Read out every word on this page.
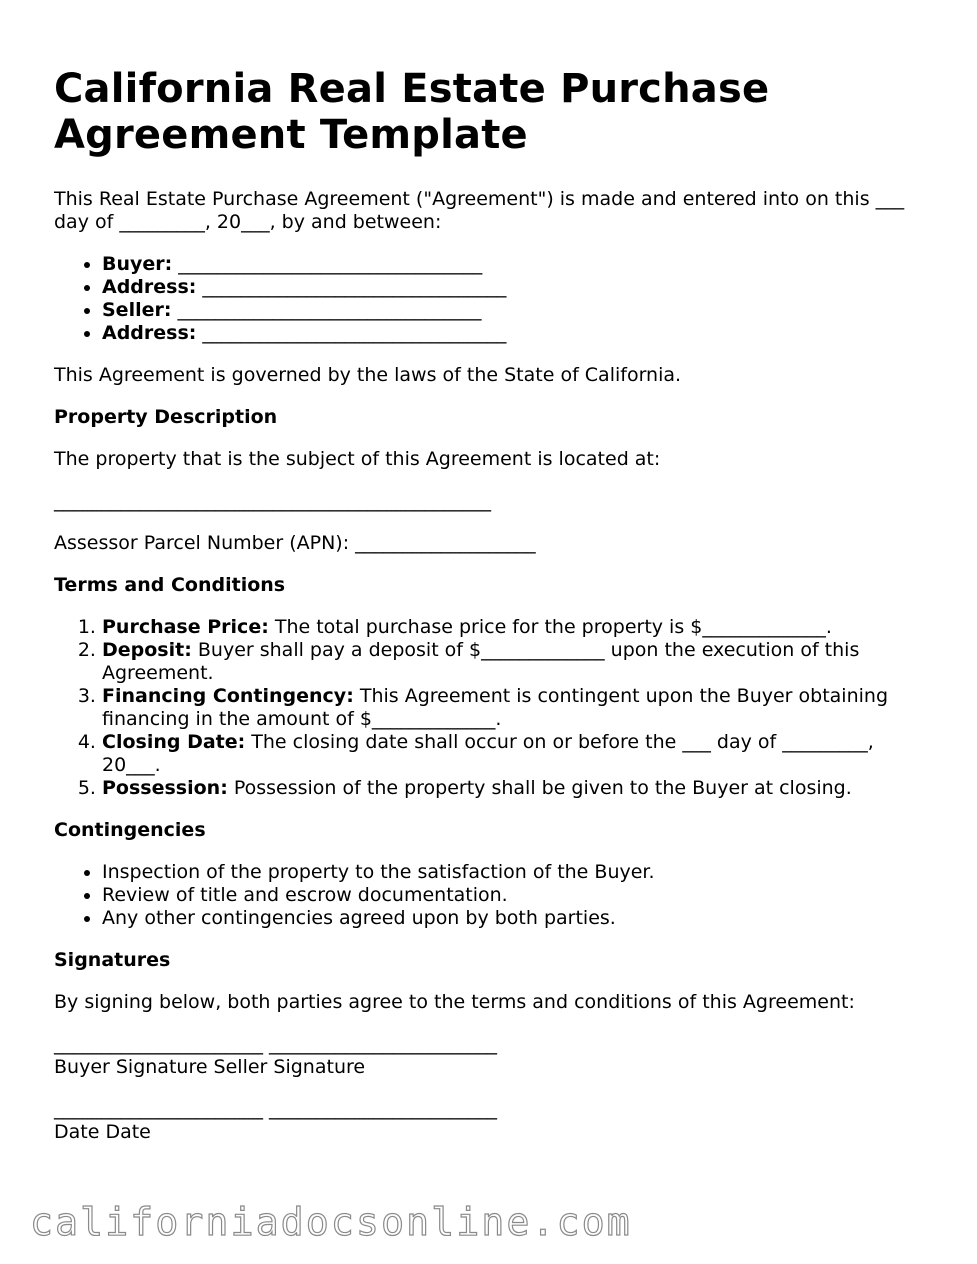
California Real Estate Purchase Agreement Template

This Real Estate Purchase Agreement ("Agreement") is made and entered into on this ___ day of _________, 20___, by and between:

• Buyer: ________________________________
• Address: ________________________________
• Seller: ________________________________
• Address: ________________________________

This Agreement is governed by the laws of the State of California.

Property Description

The property that is the subject of this Agreement is located at:

______________________________________________

Assessor Parcel Number (APN): ___________________

Terms and Conditions
1. Purchase Price: The total purchase price for the property is $_____________.
2. Deposit: Buyer shall pay a deposit of $_____________ upon the execution of this Agreement.
3. Financing Contingency: This Agreement is contingent upon the Buyer obtaining financing in the amount of $_____________.
4. Closing Date: The closing date shall occur on or before the ___ day of _________, 20___.
5. Possession: Possession of the property shall be given to the Buyer at closing.
Contingencies
• Inspection of the property to the satisfaction of the Buyer.
• Review of title and escrow documentation.
• Any other contingencies agreed upon by both parties.
Signatures

By signing below, both parties agree to the terms and conditions of this Agreement:

______________________ ________________________
Buyer Signature Seller Signature
______________________ ________________________
Date Date
californiadocsonline.com
